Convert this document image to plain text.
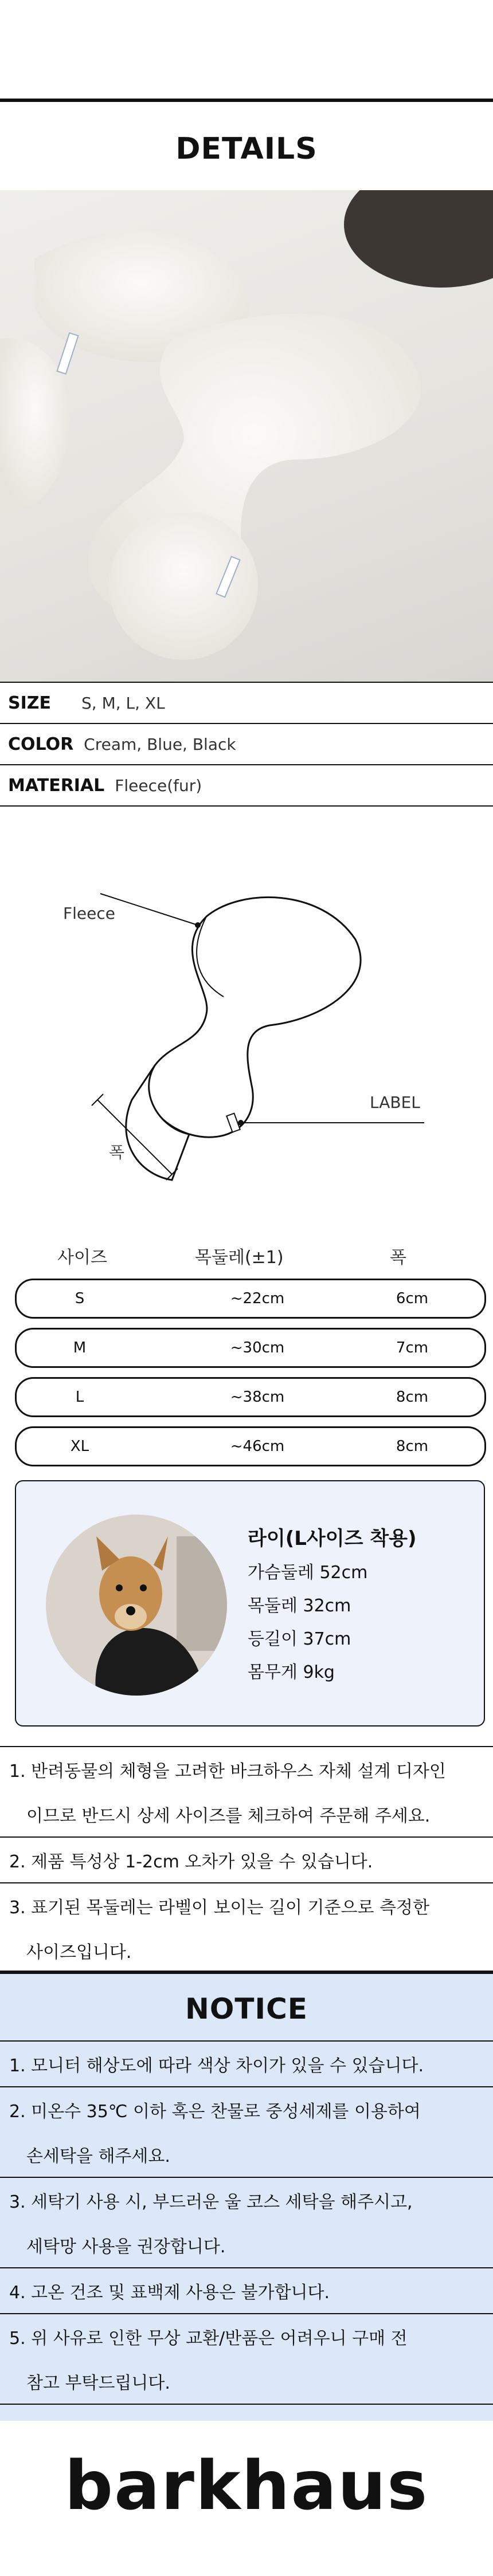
DETAILS
SIZE	S, M, L, XL
COLOR Cream, Blue, Black
MATERIAL Fleece(fur)
Fleece
LABEL
폭
사이즈	목둘레(±1)	폭
S	~22cm	6cm
M	~30cm	7cm
L	~38cm	8cm
XL	~46cm	8cm
라이(L사이즈 착용)
가슴둘레 52cm
목둘레 32cm
등길이 37cm
몸무게 9kg
1. 반려동물의 체형을 고려한 바크하우스 자체 설계 디자인
이므로 반드시 상세 사이즈를 체크하여 주문해 주세요.
2. 제품 특성상 1-2cm 오차가 있을 수 있습니다.
3. 표기된 목둘레는 라벨이 보이는 길이 기준으로 측정한
사이즈입니다.
NOTICE
1. 모니터 해상도에 따라 색상 차이가 있을 수 있습니다.
2. 미온수 35℃ 이하 혹은 찬물로 중성세제를 이용하여
손세탁을 해주세요.
3. 세탁기 사용 시, 부드러운 울 코스 세탁을 해주시고,
세탁망 사용을 권장합니다.
4. 고온 건조 및 표백제 사용은 불가합니다.
5. 위 사유로 인한 무상 교환/반품은 어려우니 구매 전
참고 부탁드립니다.
barkhaus
